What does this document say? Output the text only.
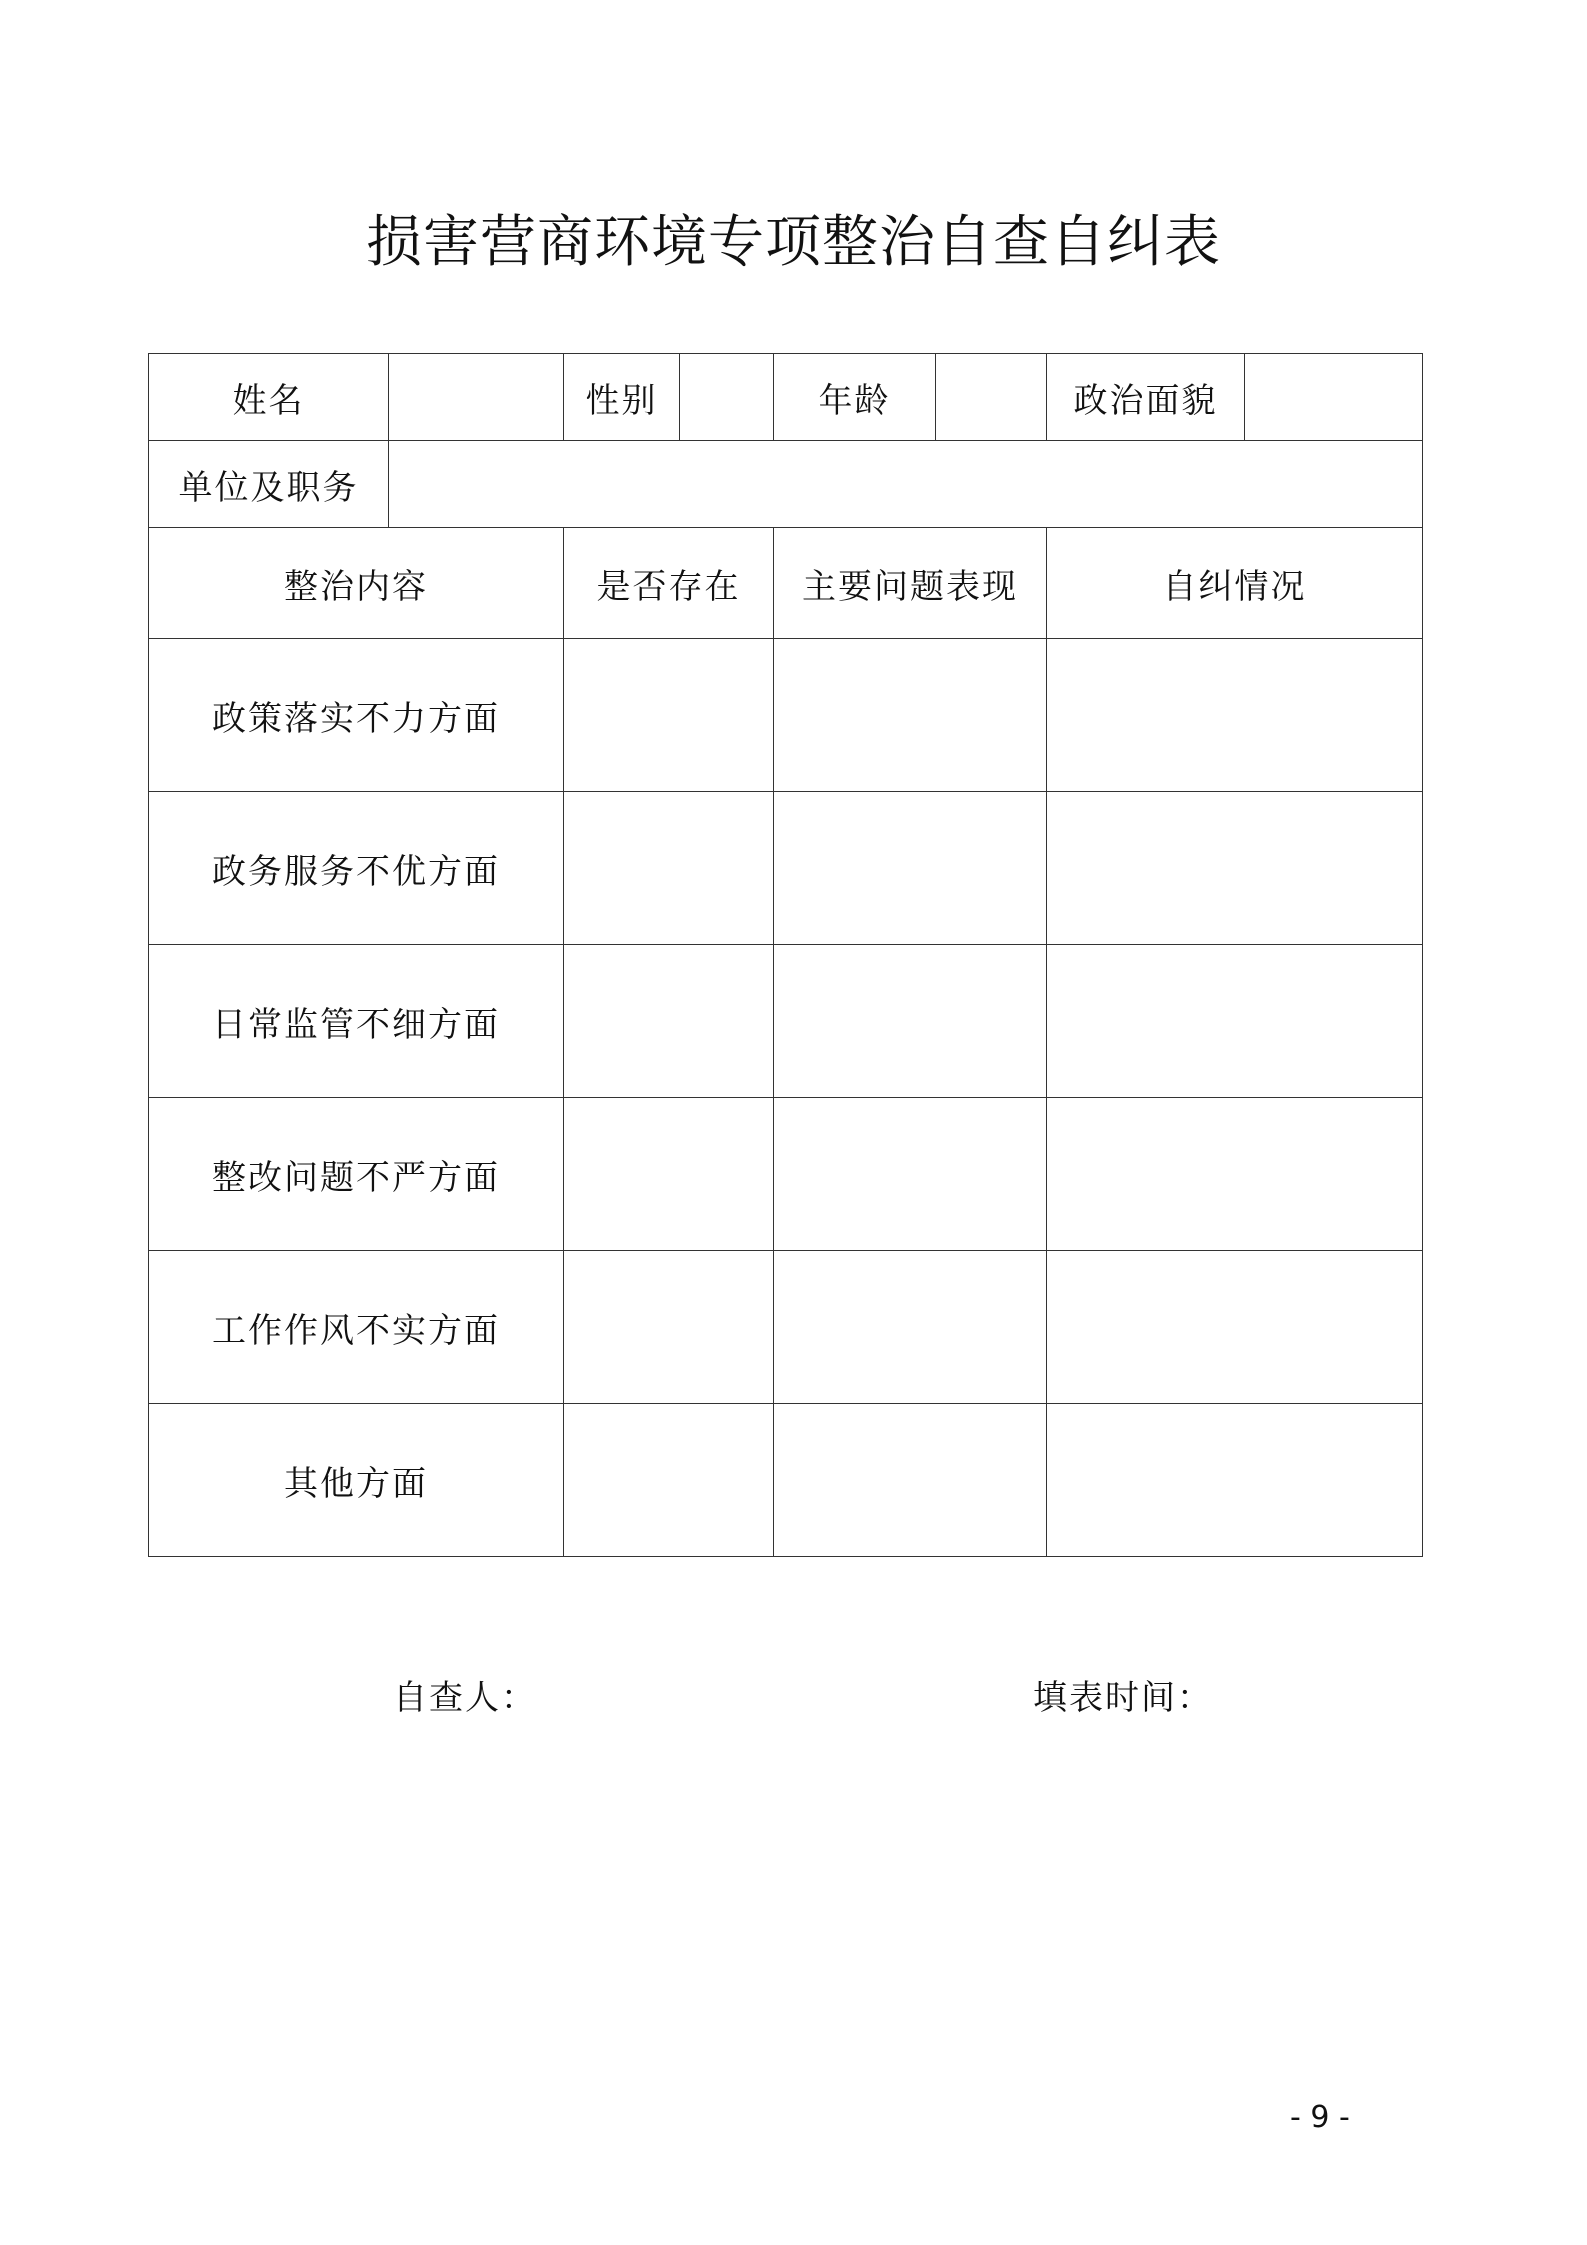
损害营商环境专项整治自查自纠表
姓名		性别		年龄		政治面貌	
单位及职务							
整治内容		是否存在		主要问题表现		自纠情况	
政策落实不力方面							
政务服务不优方面							
日常监管不细方面							
整改问题不严方面							
工作作风不实方面							
其他方面							
自查人：	填表时间：
- 9 -
